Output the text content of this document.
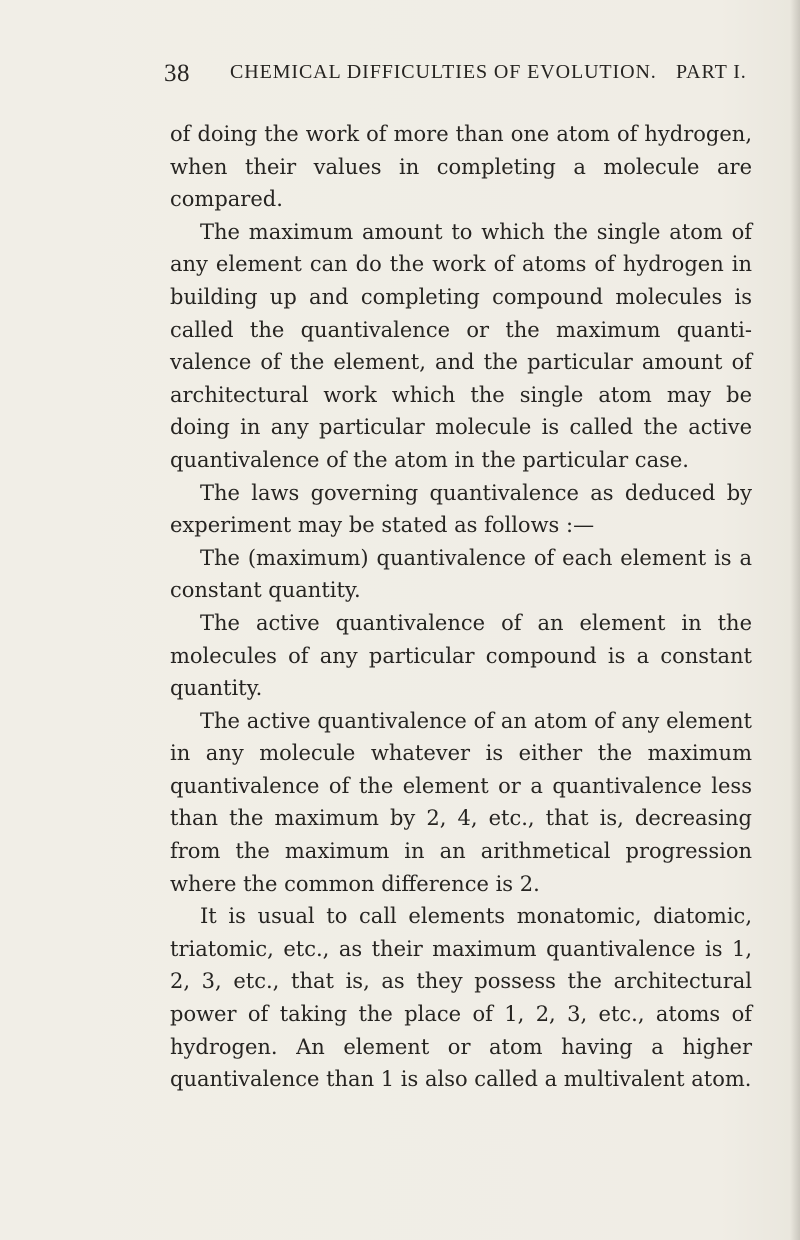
38 CHEMICAL DIFFICULTIES OF EVOLUTION. PART I.

of doing the work of more than one atom of hydrogen, when their values in completing a molecule are compared.

The maximum amount to which the single atom of any element can do the work of atoms of hydrogen in building up and completing compound molecules is called the quantivalence or the maximum quantivalence of the element, and the particular amount of architectural work which the single atom may be doing in any particular molecule is called the active quantivalence of the atom in the particular case.

The laws governing quantivalence as deduced by experiment may be stated as follows :—

The (maximum) quantivalence of each element is a constant quantity.

The active quantivalence of an element in the molecules of any particular compound is a constant quantity.

The active quantivalence of an atom of any element in any molecule whatever is either the maximum quantivalence of the element or a quantivalence less than the maximum by 2, 4, etc., that is, decreasing from the maximum in an arithmetical progression where the common difference is 2.

It is usual to call elements monatomic, diatomic, triatomic, etc., as their maximum quantivalence is 1, 2, 3, etc., that is, as they possess the architectural power of taking the place of 1, 2, 3, etc., atoms of hydrogen. An element or atom having a higher quantivalence than 1 is also called a multivalent atom.
